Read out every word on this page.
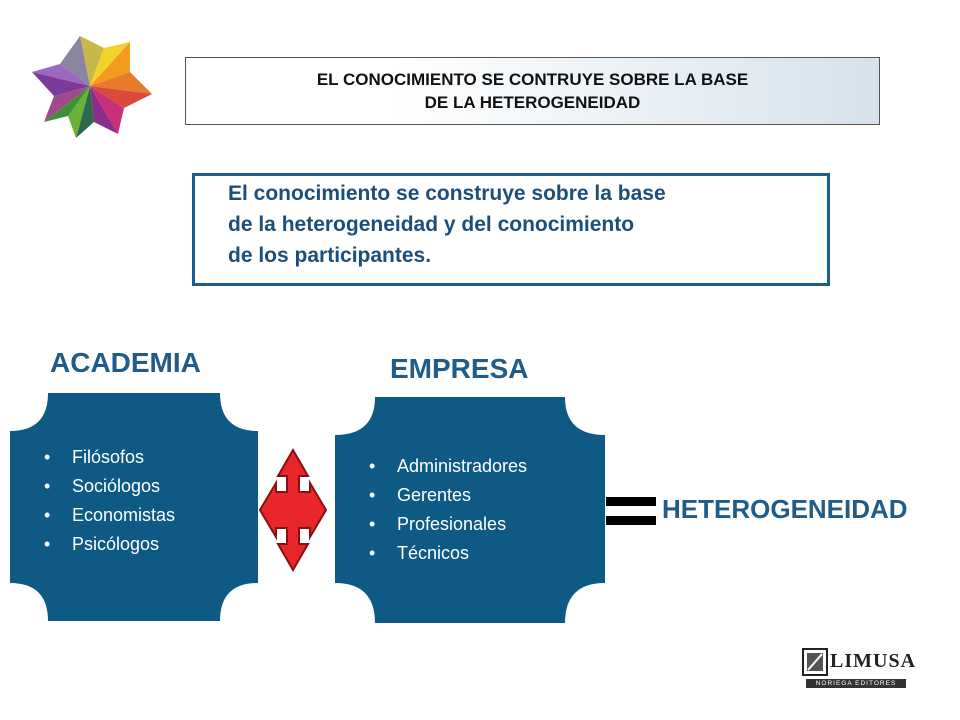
EL CONOCIMIENTO SE CONTRUYE SOBRE LA BASE
DE LA HETEROGENEIDAD
El conocimiento se construye sobre la base
de la heterogeneidad y del conocimiento
de los participantes.
ACADEMIA	EMPRESA
• Filósofos
• Sociólogos
• Economistas
• Psicólogos
• Administradores
• Gerentes
• Profesionales
• Técnicos
HETEROGENEIDAD
LIMUSA
NORIEGA EDITORES
